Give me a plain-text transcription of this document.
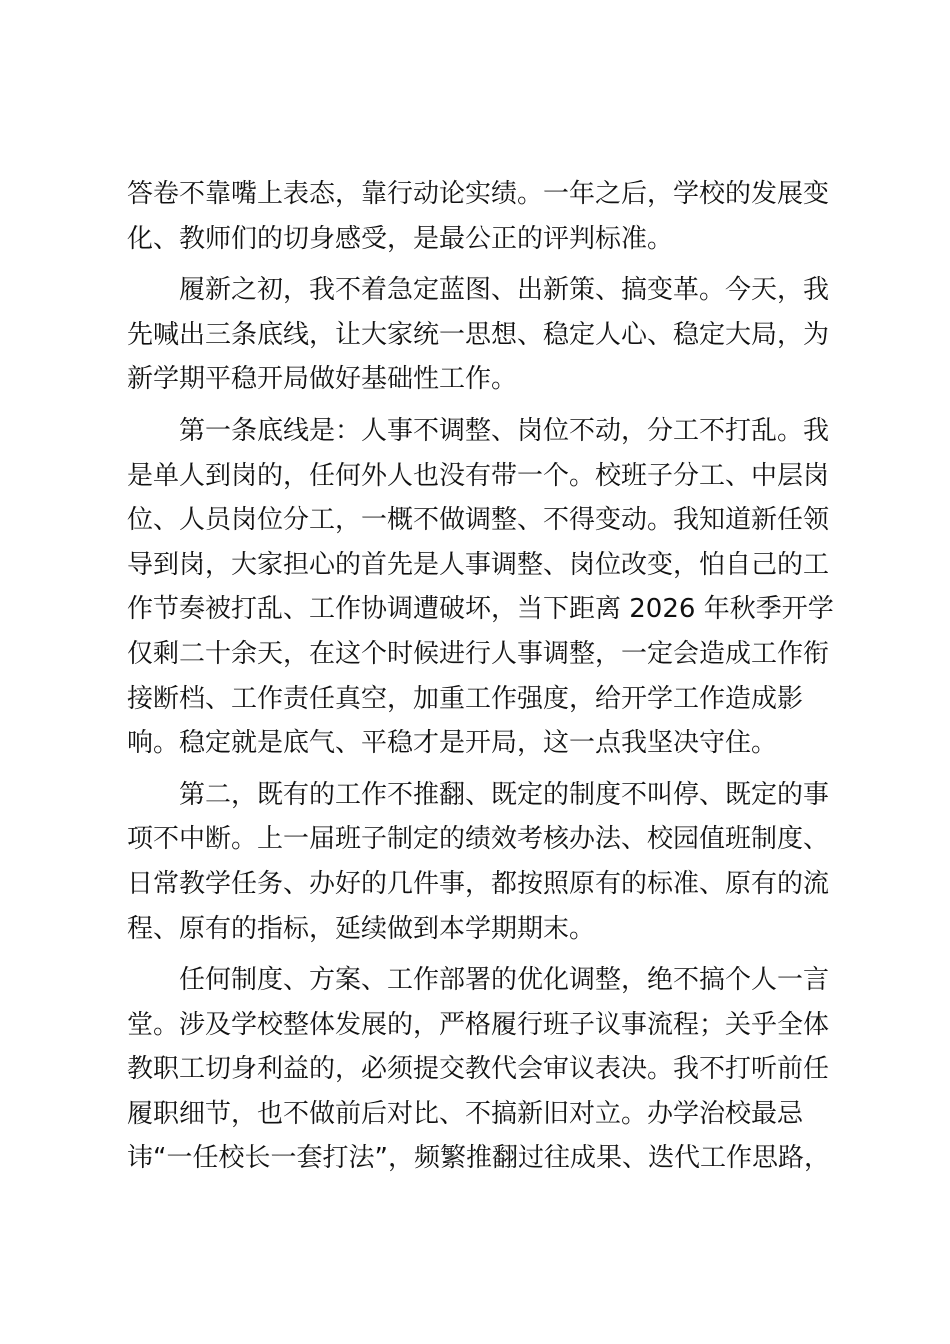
答卷不靠嘴上表态，靠行动论实绩。一年之后，学校的发展变
化、教师们的切身感受，是最公正的评判标准。
　　履新之初，我不着急定蓝图、出新策、搞变革。今天，我
先喊出三条底线，让大家统一思想、稳定人心、稳定大局，为
新学期平稳开局做好基础性工作。
　　第一条底线是：人事不调整、岗位不动，分工不打乱。我
是单人到岗的，任何外人也没有带一个。校班子分工、中层岗
位、人员岗位分工，一概不做调整、不得变动。我知道新任领
导到岗，大家担心的首先是人事调整、岗位改变，怕自己的工
作节奏被打乱、工作协调遭破坏，当下距离 2026 年秋季开学
仅剩二十余天，在这个时候进行人事调整，一定会造成工作衔
接断档、工作责任真空，加重工作强度，给开学工作造成影
响。稳定就是底气、平稳才是开局，这一点我坚决守住。
　　第二，既有的工作不推翻、既定的制度不叫停、既定的事
项不中断。上一届班子制定的绩效考核办法、校园值班制度、
日常教学任务、办好的几件事，都按照原有的标准、原有的流
程、原有的指标，延续做到本学期期末。
　　任何制度、方案、工作部署的优化调整，绝不搞个人一言
堂。涉及学校整体发展的，严格履行班子议事流程；关乎全体
教职工切身利益的，必须提交教代会审议表决。我不打听前任
履职细节，也不做前后对比、不搞新旧对立。办学治校最忌
讳“一任校长一套打法”，频繁推翻过往成果、迭代工作思路，
